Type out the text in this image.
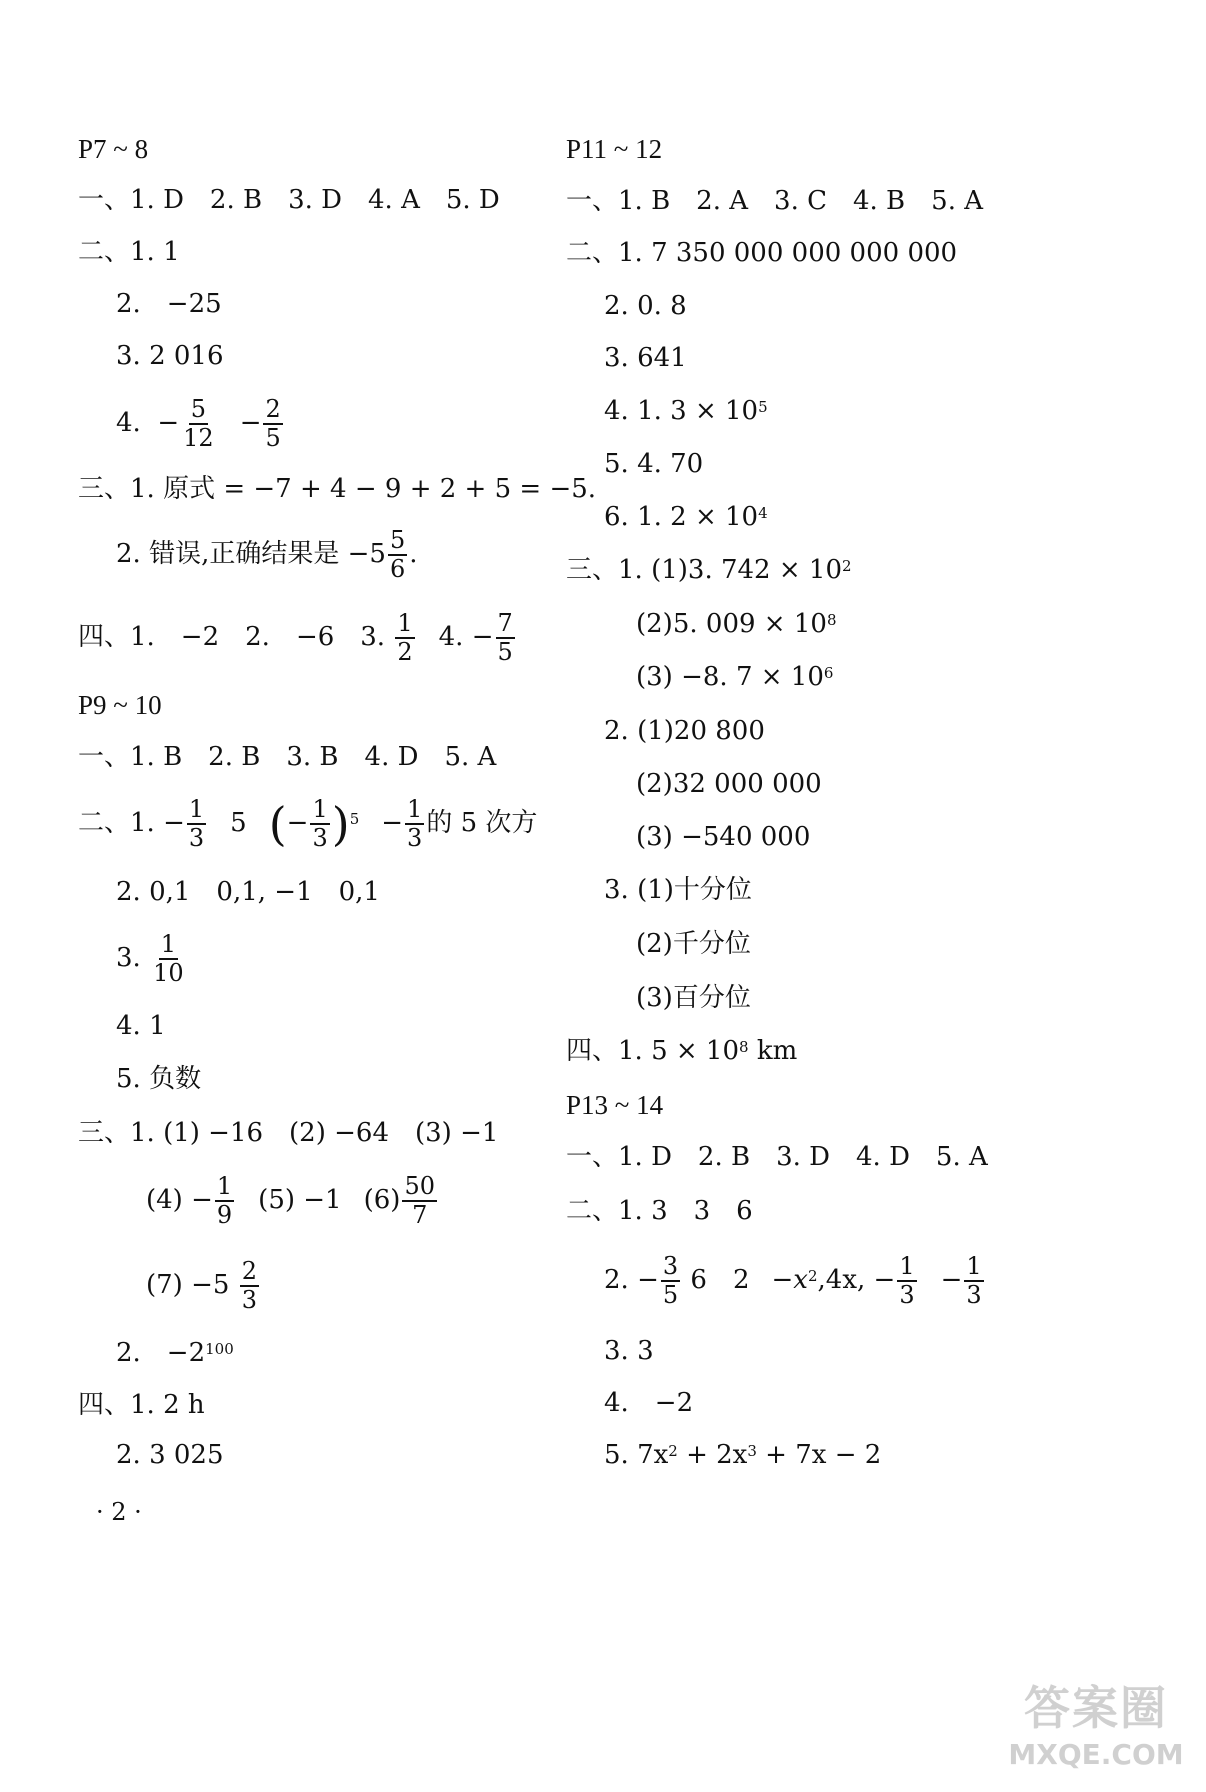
P7 ~ 8
一、1. D　2. B　3. D　4. A　5. D
二、1. 1
2.　−25
3. 2 016
4.  − $\frac{5}{12} - \frac{2}{5}$
三、1. 原式 = −7 + 4 − 9 + 2 + 5 = −5.
2. 错误,正确结果是 $-5 \frac{5}{6}$ .
四、1.　−2　2.　−6　3. $\frac{1}{2} 4$. − $\frac{7}{5}$
P9 ~ 10
一、1. B　2. B　3. B　4. D　5. A
二、1. − $\frac{1}{3} 5$ (− $\frac{1}{3} )^5 - \frac{1}{3}$ 的 5 次方
2. 0,1　0,1, −1　0,1
3. $\frac{1}{10}$
4. 1
5. 负数
三、1. (1) −16　(2) −64　(3) −1
$(4) - \frac{1}{9} (5) -1$ $(6) \frac{50}{7}$
$(7) -5 \frac{2}{3}$
2.　$-2^{100}$
四、1. 2 h
2. 3 025
· 2 ·
P11 ~ 12
一、1. B　2. A　3. C　4. B　5. A
二、1. 7 350 000 000 000 000
2. 0. 8
3. 641
4. 1. $3 \times 10^5$
5. 4. 70
6. 1. $2 \times 10^4$
三、1. (1)3. $742 \times 10^2$
(2)5. $009 \times 10^8$
(3) −8. $7 \times 10^6$
2. (1)20 800
(2)32 000 000
(3) −540 000
3. (1)十分位
(2)千分位
(3)百分位
四、1. $5 \times 10^8$ km
P13 ~ 14
一、1. D　2. B　3. D　4. D　5. A
二、1. 3　3　6
2. − $\frac{3}{5} 6$　$2 -x^2,4x$, − $\frac{1}{3} - \frac{1}{3}$
3. 3
4.　−2
5. $7x^2 + 2x^3 + 7x - 2$
答案圈
MXQE.COM
